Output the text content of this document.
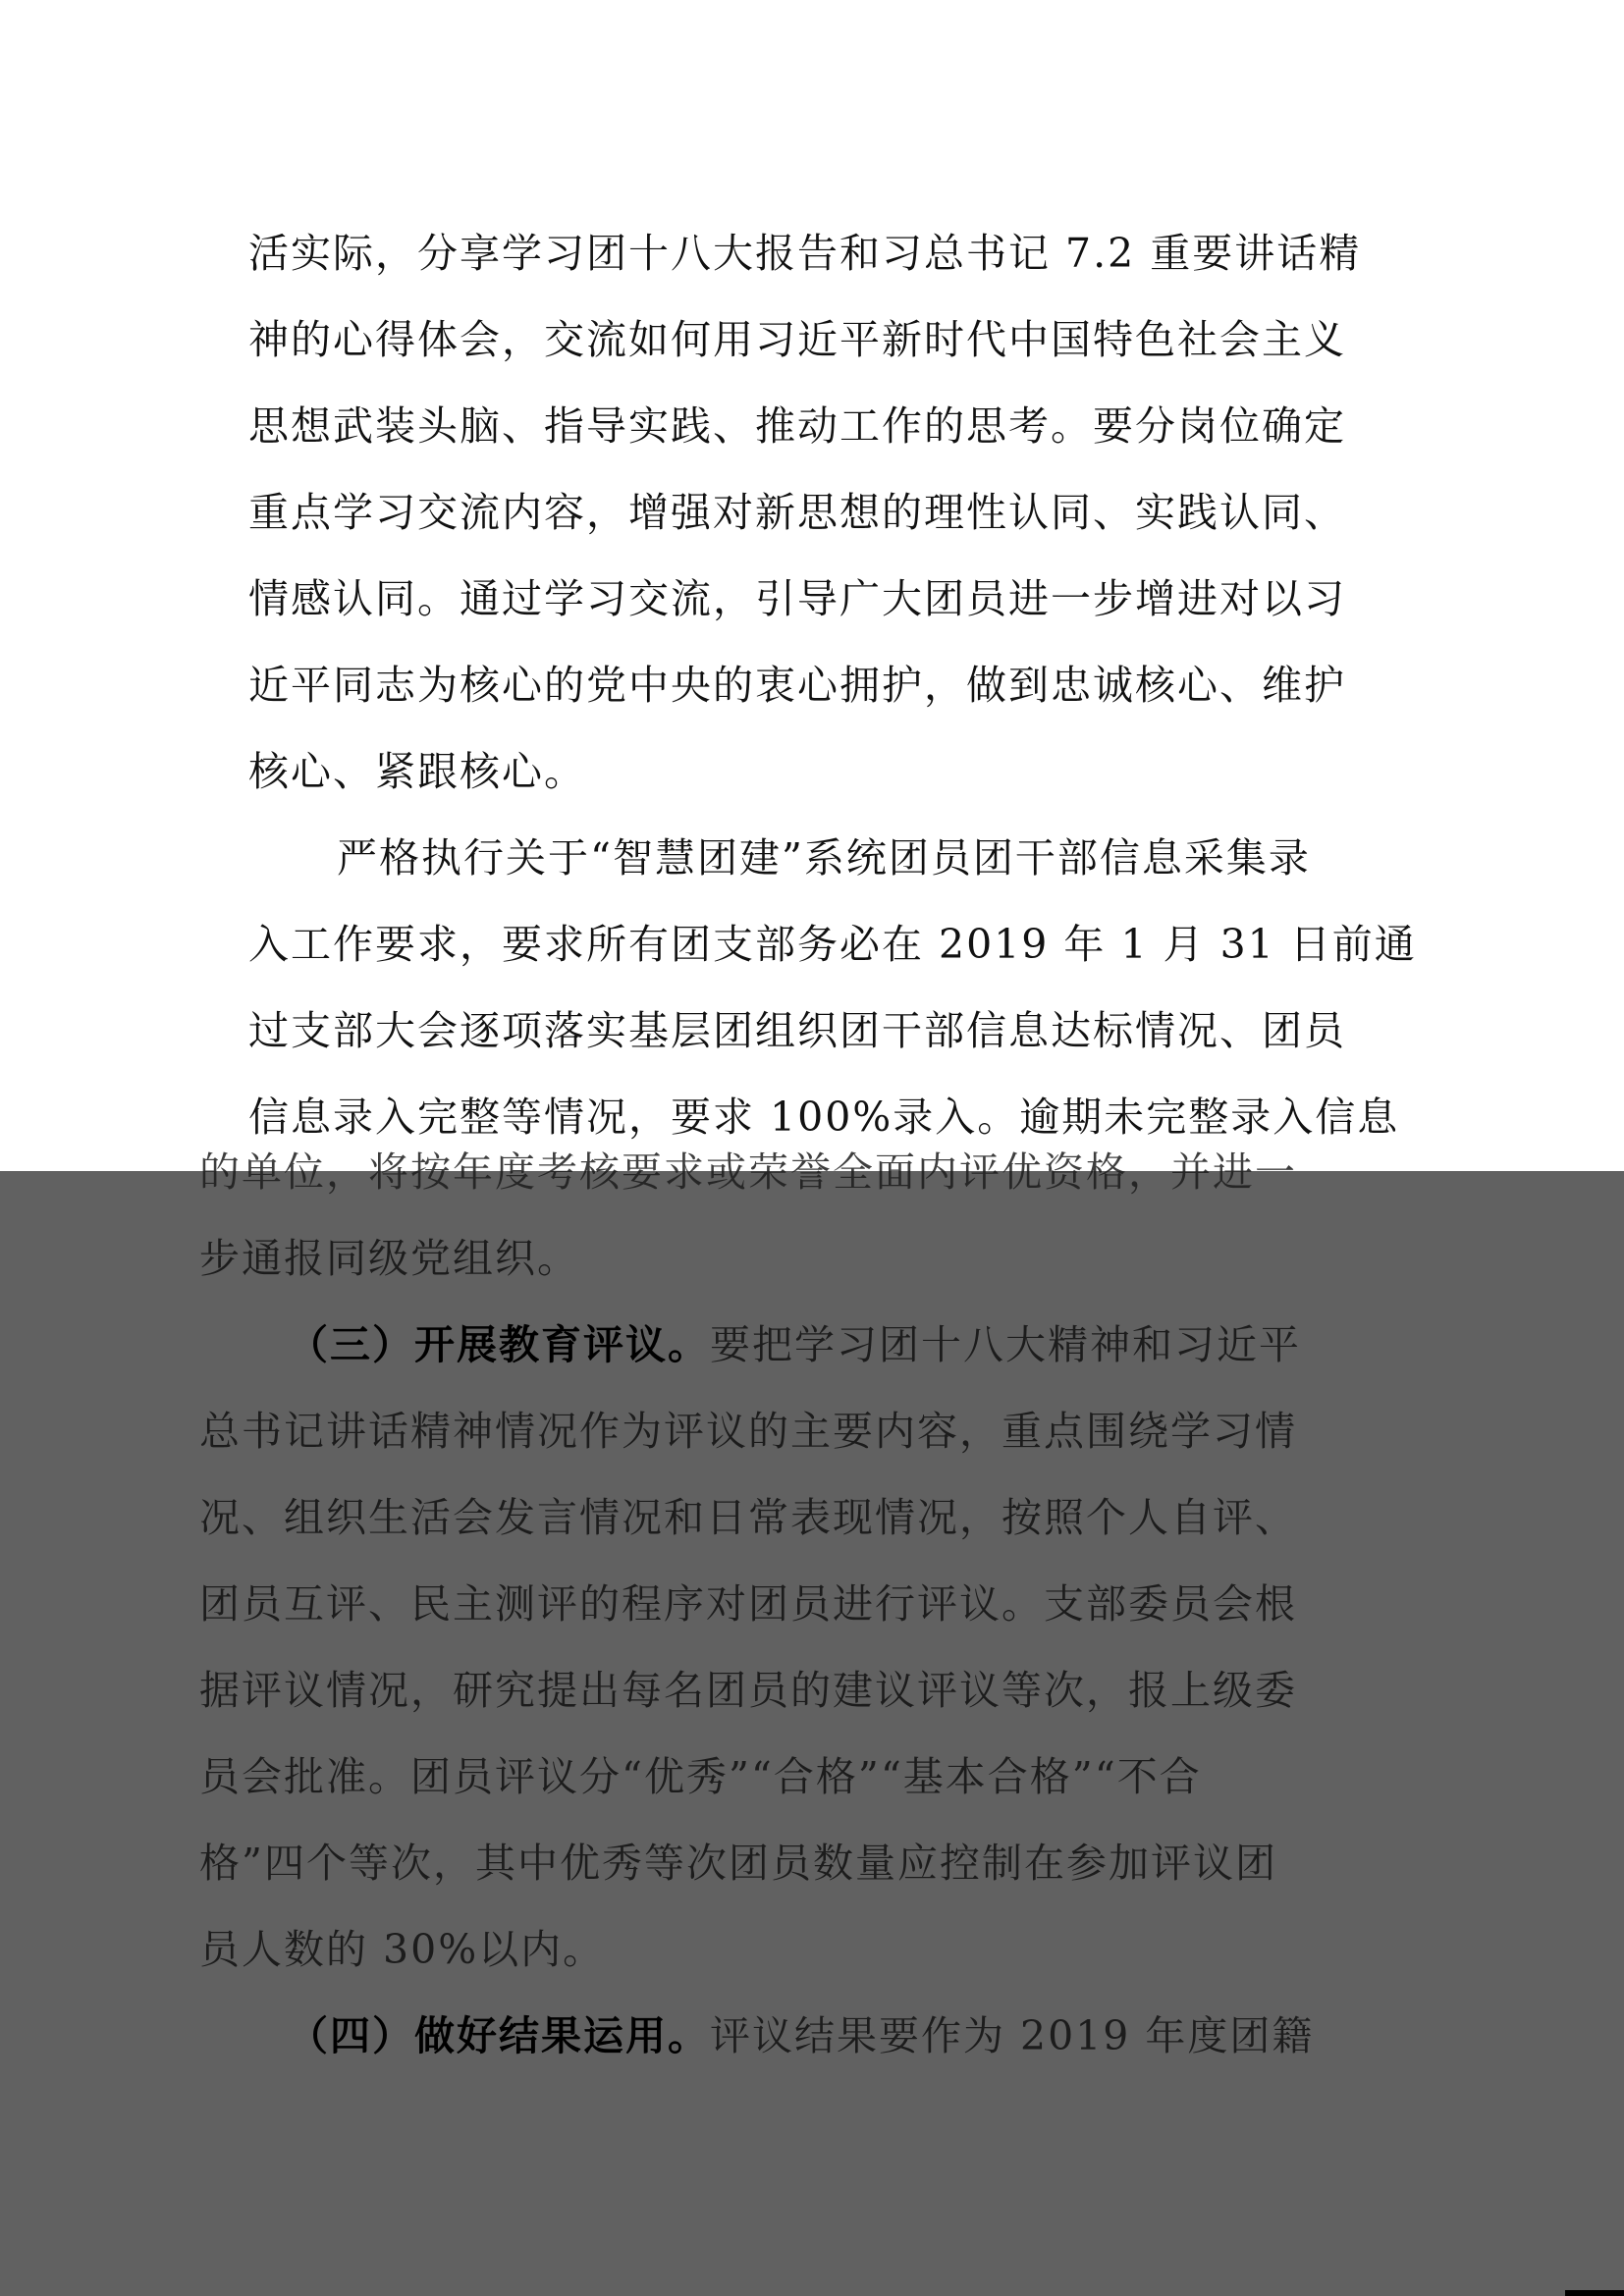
活实际，分享学习团十八大报告和习总书记 7.2 重要讲话精
神的心得体会，交流如何用习近平新时代中国特色社会主义
思想武装头脑、指导实践、推动工作的思考。要分岗位确定
重点学习交流内容，增强对新思想的理性认同、实践认同、
情感认同。通过学习交流，引导广大团员进一步增进对以习
近平同志为核心的党中央的衷心拥护，做到忠诚核心、维护
核心、紧跟核心。
严格执行关于“智慧团建”系统团员团干部信息采集录
入工作要求，要求所有团支部务必在 2019 年 1 月 31 日前通
过支部大会逐项落实基层团组织团干部信息达标情况、团员
信息录入完整等情况，要求 100%录入。逾期未完整录入信息
的单位，将按年度考核要求或荣誉全面内评优资格，并进一
步通报同级党组织。
（三）开展教育评议。要把学习团十八大精神和习近平
总书记讲话精神情况作为评议的主要内容，重点围绕学习情
况、组织生活会发言情况和日常表现情况，按照个人自评、
团员互评、民主测评的程序对团员进行评议。支部委员会根
据评议情况，研究提出每名团员的建议评议等次，报上级委
员会批准。团员评议分“优秀”“合格”“基本合格”“不合
格”四个等次，其中优秀等次团员数量应控制在参加评议团
员人数的 30%以内。
（四）做好结果运用。评议结果要作为 2019 年度团籍
